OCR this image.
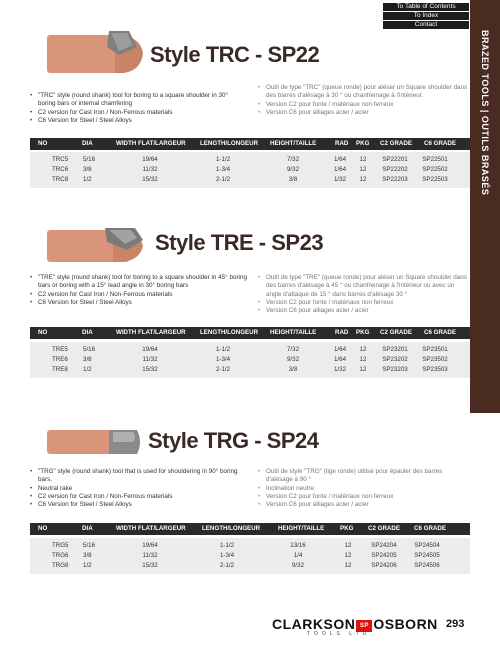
To Table of Contents
To Index
Contact
BRAZED TOOLS | OUTILS BRASÉS
Style TRC - SP22
• "TRC" style (round shank) tool for boring to a square shoulder in 30° boring bars or internal chamfering
• C2 version for Cast Iron / Non-Ferrous materials
• C6 Version for Steel / Steel Alloys
• Outil de type "TRC" (queue ronde) pour aléser un Square shoulder dans des barres d'alésage à 30 ° ou chanfreinage à l'intérieur.
• Version C2 pour fonte / matériaux non ferreux
• Version C6 pour alliages acier / acier
NO	DIA	WIDTH FLAT/LARGEUR LENGTH/LONGEUR HEIGHT/TAILLE	RAD PKG C2 GRADE C6 GRADE
TRC5 5/16	19/64	1-1/2	7/32	1/64 12	SP22201 SP22501
TRC6 3/8	11/32	1-3/4	9/32	1/64 12	SP22202 SP22502
TRC8 1/2	15/32	2-1/2	3/8	1/32 12	SP22203 SP22503
Style TRE - SP23
• "TRE" style (round shank) tool for boring to a square shoulder in 45° boring bars or boring with a 15° lead angle in 30° boring bars
• C2 version for Cast Iron / Non-Ferrous materials
• C6 Version for Steel / Steel Alloys
• Outil de type "TRE" (queue ronde) pour aléser un Square shoulder dans des barres d'alésage à 45 ° ou chanfreinage à l'intérieur ou avec un angle d'attaque de 15 ° dans barres d'alésage 30 °
• Version C2 pour fonte / matériaux non ferreux
• Version C6 pour alliages acier / acier
NO	DIA	WIDTH FLAT/LARGEUR LENGTH/LONGEUR HEIGHT/TAILLE	RAD PKG C2 GRADE C6 GRADE
TRE5 5/16	19/64	1-1/2	7/32	1/64 12	SP23201 SP23501
TRE6 3/8	11/32	1-3/4	9/32	1/64 12	SP23202 SP23502
TRE8 1/2	15/32	2-1/2	3/8	1/32 12	SP23203 SP23503
Style TRG - SP24
• "TRG" style (round shank) tool that is used for shouldering in 90° boring bars.
• Neutral rake
• C2 version for Cast Iron / Non-Ferrous materials
• C6 Version for Steel / Steel Alloys
• Outil de style "TRG" (tige ronde) utilisé pour épauler des barres d'alésage à 90 °
• Inclination neutre
• Version C2 pour fonte / matériaux non ferreux
• Version C6 pour alliages acier / acier
NO	DIA	WIDTH FLAT/LARGEUR	LENGTH/LONGEUR	HEIGHT/TAILLE	PKG C2 GRADE C6 GRADE
TRG5 5/16	19/64	1-1/2	13/16	12	SP24204	SP24504
TRG6 3/8	11/32	1-3/4	1/4	12	SP24205	SP24505
TRG8 1/2	15/32	2-1/2	9/32	12	SP24206	SP24506
CLARKSON SP OSBORN
TOOLS LTD.
293
